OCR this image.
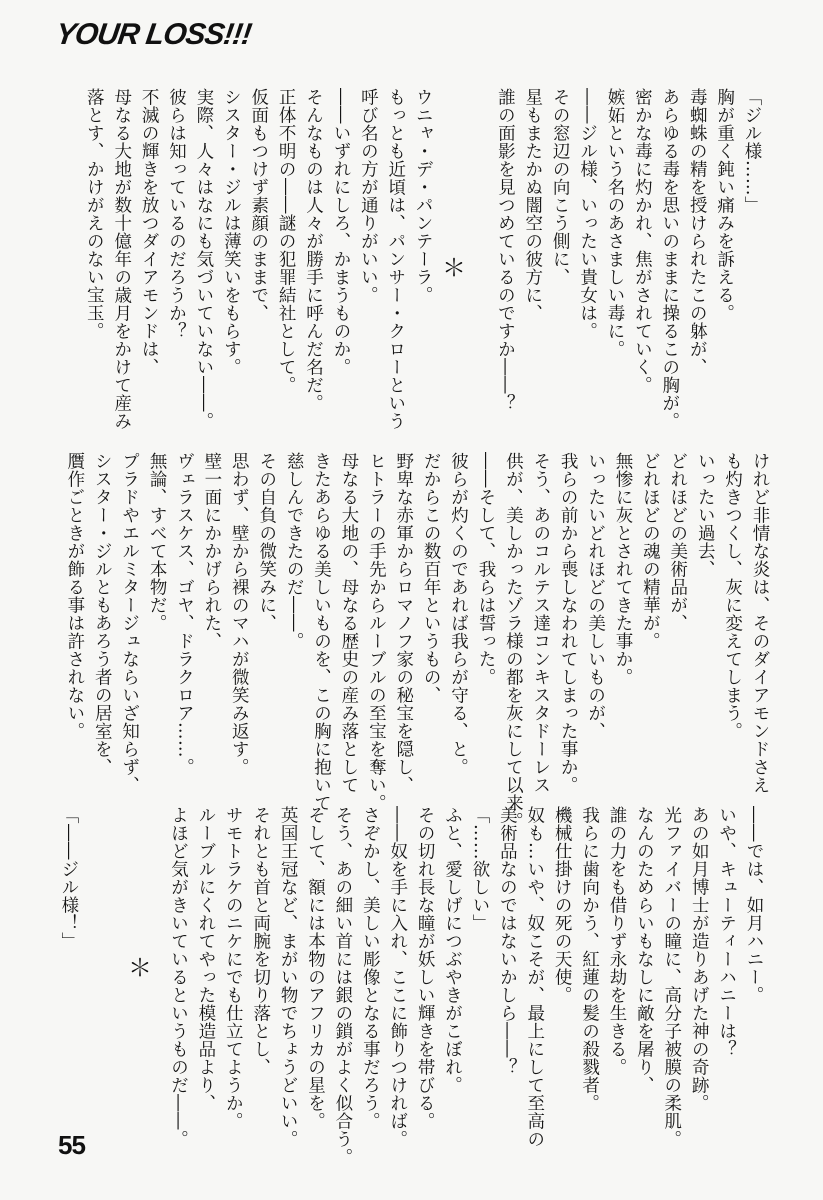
YOUR LOSS!!!
「ジル様……」
胸が重く鈍い痛みを訴える。
毒蜘蛛の精を授けられたこの躰が、
あらゆる毒を思いのままに操るこの胸が。
密かな毒に灼かれ、焦がされていく。
嫉妬という名のあさましい毒に。
――ジル様、いったい貴女は。
その窓辺の向こう側に、
星もまたかぬ闇空の彼方に、
誰の面影を見つめているのですか――？
ウニャ・デ・パンテーラ。
もっとも近頃は、パンサー・クローという
呼び名の方が通りがいい。
――いずれにしろ、かまうものか。
そんなものは人々が勝手に呼んだ名だ。
正体不明の――謎の犯罪結社として。
仮面もつけず素顔のままで、
シスター・ジルは薄笑いをもらす。
実際、人々はなにも気づいていない――。
彼らは知っているのだろうか？
不滅の輝きを放つダイアモンドは、
母なる大地が数十億年の歳月をかけて産み
落とす、かけがえのない宝玉。	＊
けれど非情な炎は、そのダイアモンドさえ
も灼きつくし、灰に変えてしまう。
いったい過去、
どれほどの美術品が、
どれほどの魂の精華が。
無惨に灰とされてきた事か。
いったいどれほどの美しいものが、
我らの前から喪しなわれてしまった事か。
そう、あのコルテス達コンキスタドーレス
供が、美しかったゾラ様の都を灰にして以来。
――そして、我らは誓った。
彼らが灼くのであれば我らが守る、と。
だからこの数百年というもの、
野卑な赤軍からロマノフ家の秘宝を隠し、
ヒトラーの手先からルーブルの至宝を奪い。
母なる大地の、母なる歴史の産み落として
きたあらゆる美しいものを、この胸に抱いて
慈しんできたのだ――。
その自負の微笑みに、
思わず、壁から裸のマハが微笑み返す。
壁一面にかかげられた、
ヴェラスケス、ゴヤ、ドラクロア……。
無論、すべて本物だ。
プラドやエルミタージュならいざ知らず、
シスター・ジルともあろう者の居室を、
贋作ごときが飾る事は許されない。
――では、如月ハニー。
いや、キューティーハニーは？
あの如月博士が造りあげた神の奇跡。
光ファイバーの瞳に、高分子被膜の柔肌。
なんのためらいもなしに敵を屠り、
誰の力をも借りず永劫を生きる。
我らに歯向かう、紅蓮の髪の殺戮者。
機械仕掛けの死の天使。
奴も…いや、奴こそが、最上にして至高の
美術品なのではないかしら――？
「……欲しい」
ふと、愛しげにつぶやきがこぼれ。
その切れ長な瞳が妖しい輝きを帯びる。
――奴を手に入れ、ここに飾りつければ。
さぞかし、美しい彫像となる事だろう。
そう、あの細い首には銀の鎖がよく似合う。
そして、額には本物のアフリカの星を。
英国王冠など、まがい物でちょうどいい。
それとも首と両腕を切り落とし、
サモトラケのニケにでも仕立てようか。
ルーブルにくれてやった模造品より、
よほど気がきいているというものだ――。
「――ジル様！」
＊
55
